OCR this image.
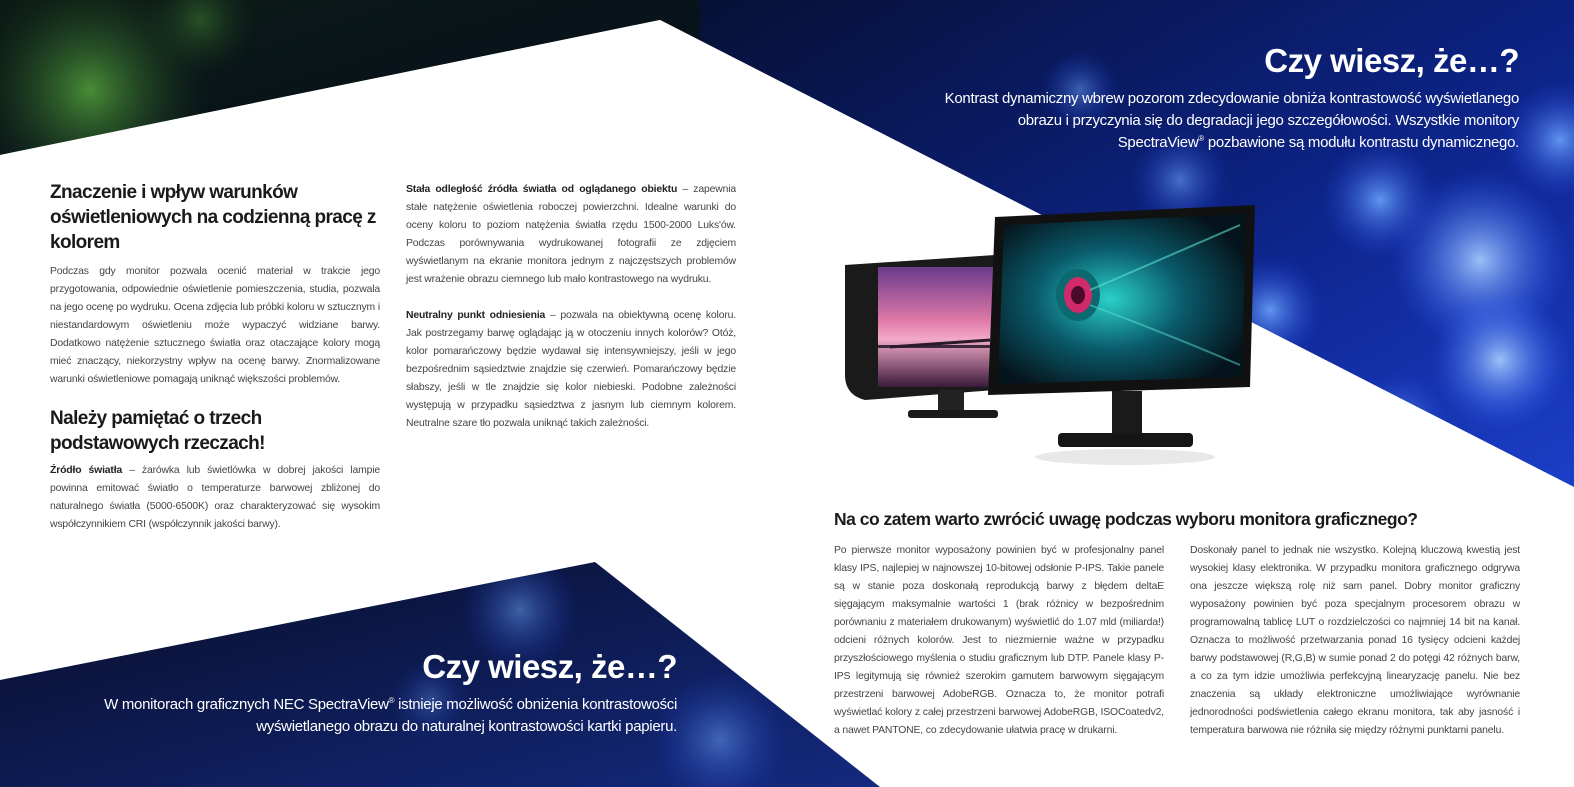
Czy wiesz, że…?
Kontrast dynamiczny wbrew pozorom zdecydowanie obniża kontrastowość wyświetlanego
obrazu i przyczynia się do degradacji jego szczegółowości. Wszystkie monitory
SpectraView® pozbawione są modułu kontrastu dynamicznego.
Znaczenie i wpływ warunków oświetleniowych na codzienną pracę z kolorem

Podczas gdy monitor pozwala ocenić materiał w trakcie jego przygotowania, odpowiednie oświetlenie pomieszczenia, studia, pozwala na jego ocenę po wydruku. Ocena zdjęcia lub próbki koloru w sztucznym i niestandardowym oświetleniu może wypaczyć widziane barwy. Dodatkowo natężenie sztucznego światła oraz otaczające kolory mogą mieć znaczący, niekorzystny wpływ na ocenę barwy. Znormalizowane warunki oświetleniowe pomagają uniknąć większości problemów.

Należy pamiętać o trzech podstawowych rzeczach!

Źródło światła – żarówka lub świetlówka w dobrej jakości lampie powinna emitować światło o temperaturze barwowej zbliżonej do naturalnego światła (5000-6500K) oraz charakteryzować się wysokim współczynnikiem CRI (współczynnik jakości barwy).

Stała odległość źródła światła od oglądanego obiektu – zapewnia stałe natężenie oświetlenia roboczej powierzchni. Idealne warunki do oceny koloru to poziom natężenia światła rzędu 1500-2000 Luks'ów. Podczas porównywania wydrukowanej fotografii ze zdjęciem wyświetlanym na ekranie monitora jednym z najczęstszych problemów jest wrażenie obrazu ciemnego lub mało kontrastowego na wydruku.

Neutralny punkt odniesienia – pozwala na obiektywną ocenę koloru. Jak postrzegamy barwę oglądając ją w otoczeniu innych kolorów? Otóż, kolor pomarańczowy będzie wydawał się intensywniejszy, jeśli w jego bezpośrednim sąsiedztwie znajdzie się czerwień. Pomarańczowy będzie słabszy, jeśli w tle znajdzie się kolor niebieski. Podobne zależności występują w przypadku sąsiedztwa z jasnym lub ciemnym kolorem. Neutralne szare tło pozwala uniknąć takich zależności.

Czy wiesz, że…?
W monitorach graficznych NEC SpectraView® istnieje możliwość obniżenia kontrastowości
wyświetlanego obrazu do naturalnej kontrastowości kartki papieru.
Na co zatem warto zwrócić uwagę podczas wyboru monitora graficznego?

Po pierwsze monitor wyposażony powinien być w profesjonalny panel klasy IPS, najlepiej w najnowszej 10-bitowej odsłonie P-IPS. Takie panele są w stanie poza doskonałą reprodukcją barwy z błędem deltaE sięgającym maksymalnie wartości 1 (brak różnicy w bezpośrednim porównaniu z materiałem drukowanym) wyświetlić do 1.07 mld (miliarda!) odcieni różnych kolorów. Jest to niezmiernie ważne w przypadku przyszłościowego myślenia o studiu graficznym lub DTP. Panele klasy P-IPS legitymują się również szerokim gamutem barwowym sięgającym przestrzeni barwowej AdobeRGB. Oznacza to, że monitor potrafi wyświetlać kolory z całej przestrzeni barwowej AdobeRGB, ISOCoatedv2, a nawet PANTONE, co zdecydowanie ułatwia pracę w drukarni.

Doskonały panel to jednak nie wszystko. Kolejną kluczową kwestią jest wysokiej klasy elektronika. W przypadku monitora graficznego odgrywa ona jeszcze większą rolę niż sam panel. Dobry monitor graficzny wyposażony powinien być poza specjalnym procesorem obrazu w programowalną tablicę LUT o rozdzielczości co najmniej 14 bit na kanał. Oznacza to możliwość przetwarzania ponad 16 tysięcy odcieni każdej barwy podstawowej (R,G,B) w sumie ponad 2 do potęgi 42 różnych barw, a co za tym idzie umożliwia perfekcyjną linearyzację panelu. Nie bez znaczenia są układy elektroniczne umożliwiające wyrównanie jednorodności podświetlenia całego ekranu monitora, tak aby jasność i temperatura barwowa nie różniła się między różnymi punktami panelu.
